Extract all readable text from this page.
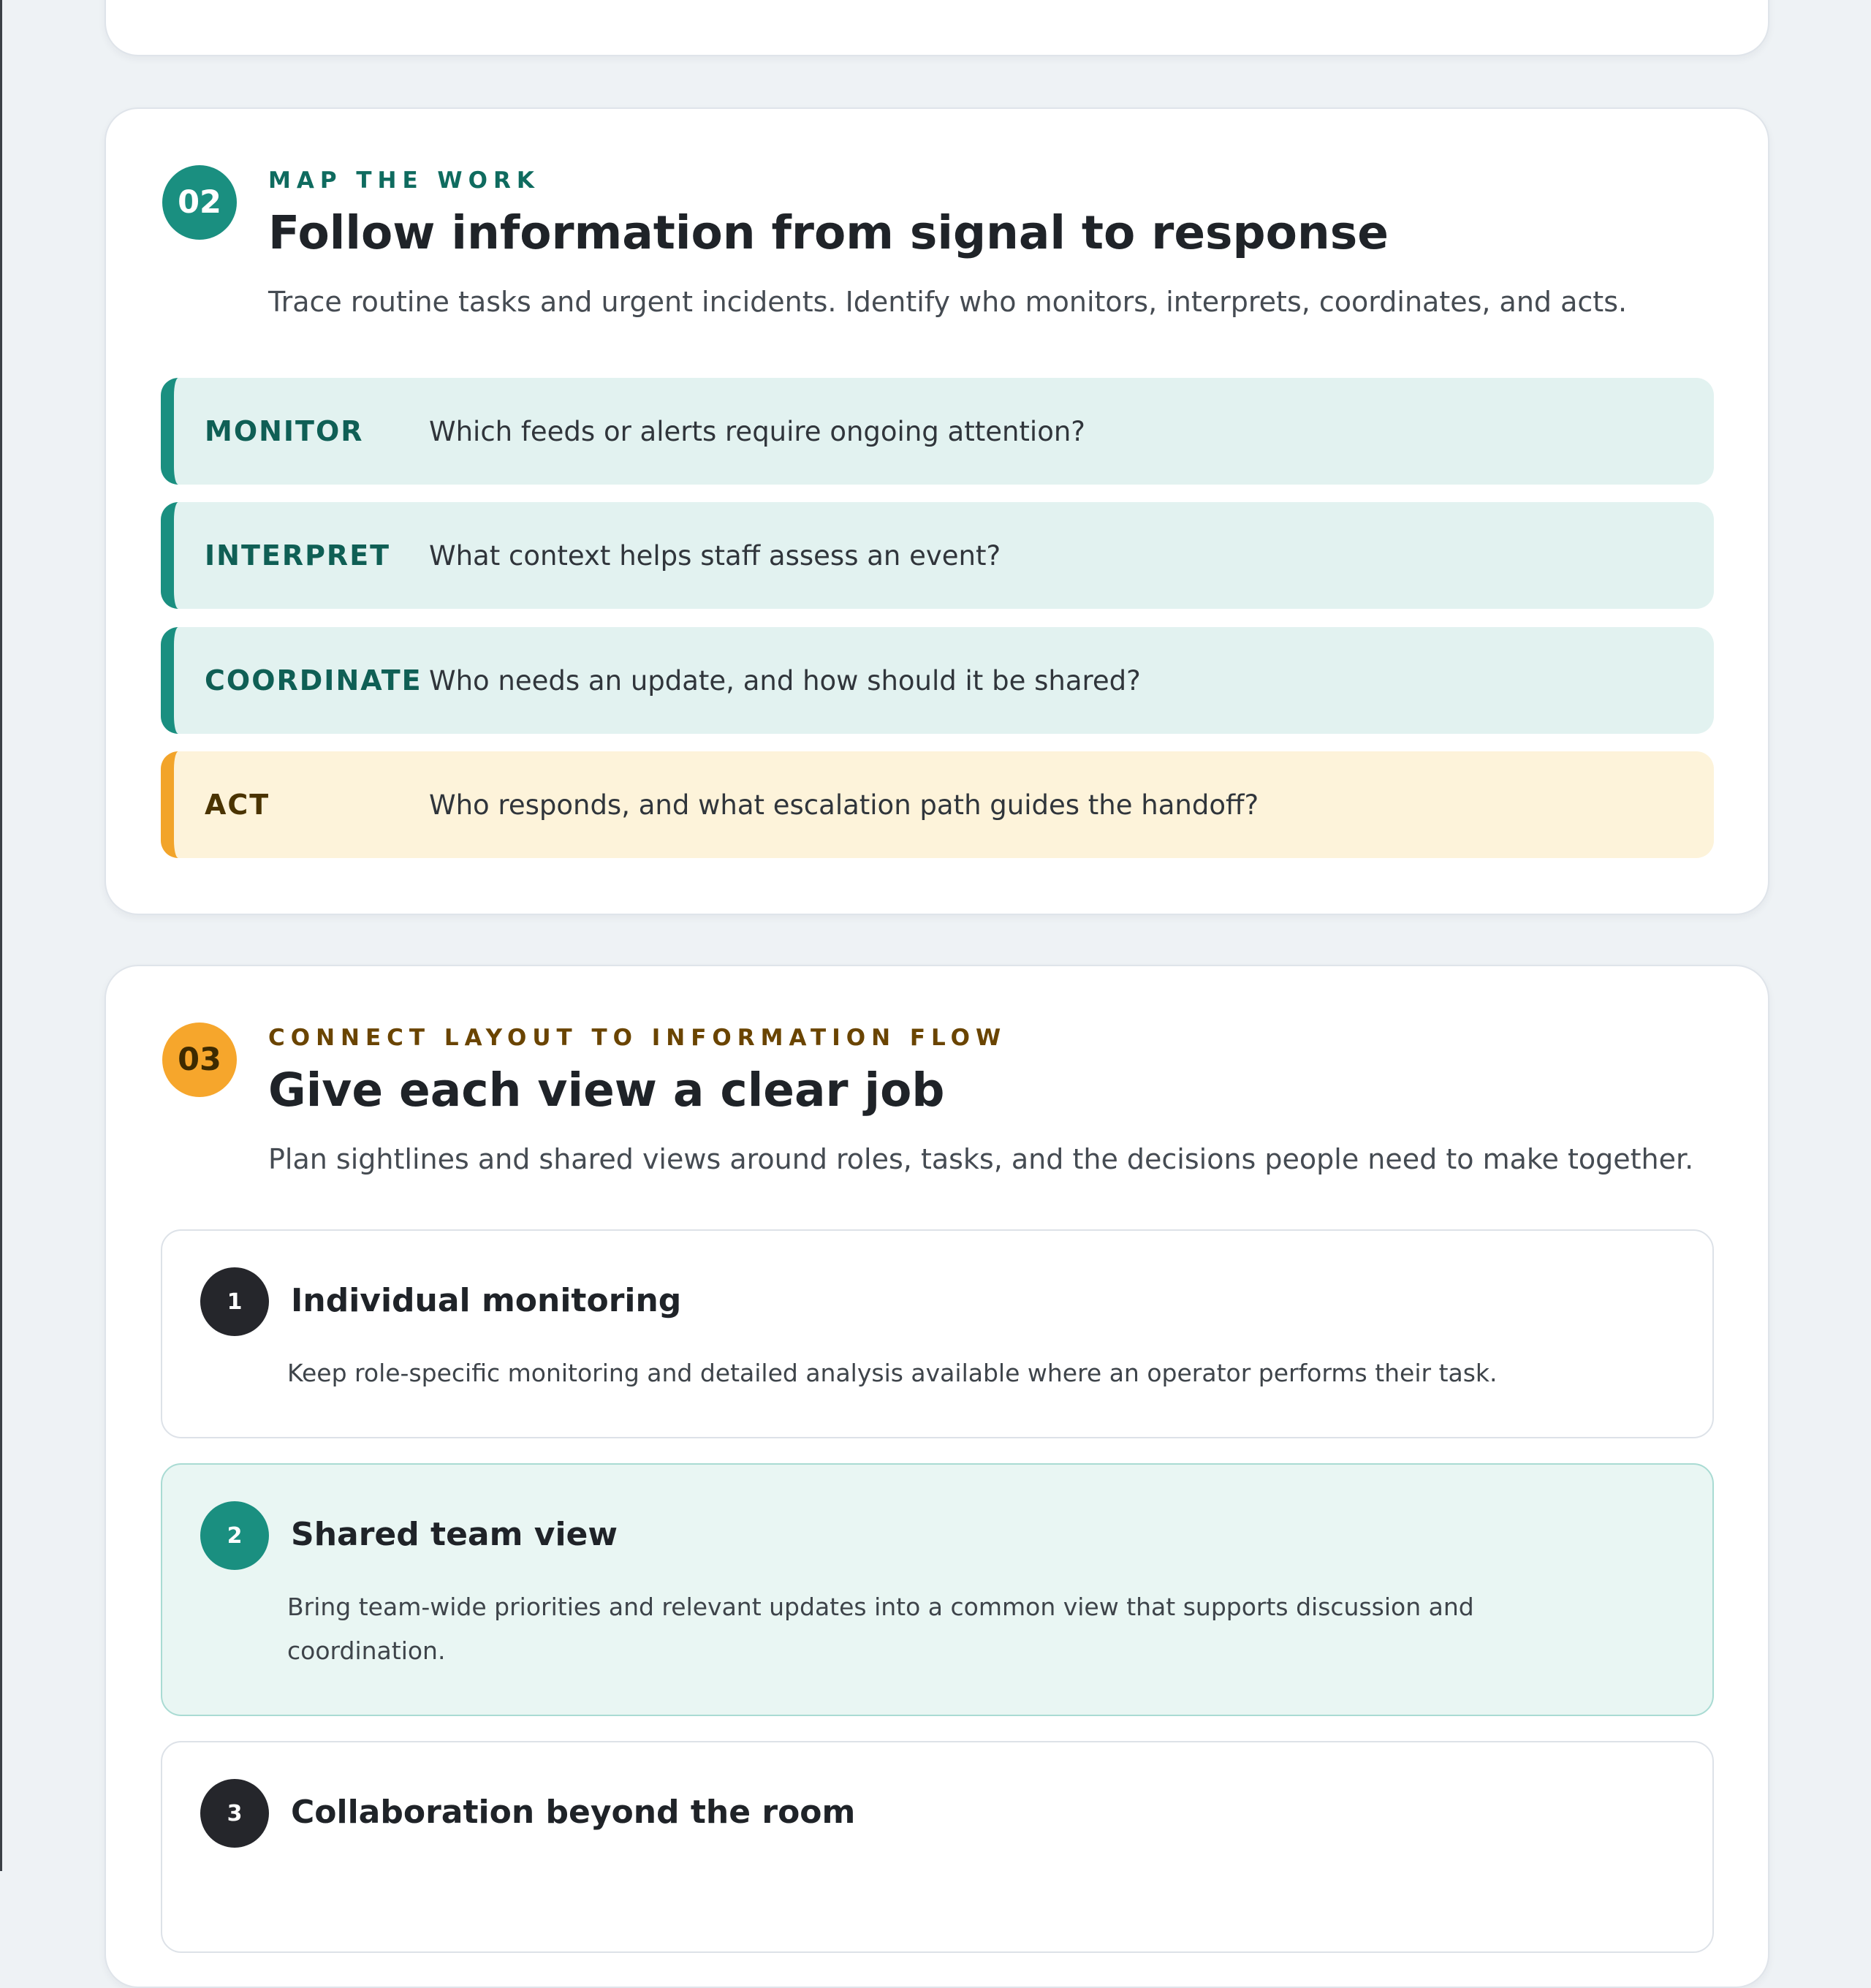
02
MAP THE WORK
Follow information from signal to response

Trace routine tasks and urgent incidents. Identify who monitors, interprets, coordinates, and acts.

MONITOR	Which feeds or alerts require ongoing attention?
INTERPRET	What context helps staff assess an event?
COORDINATE Who needs an update, and how should it be shared?
ACT	Who responds, and what escalation path guides the handoff?
03
CONNECT LAYOUT TO INFORMATION FLOW
Give each view a clear job

Plan sightlines and shared views around roles, tasks, and the decisions people need to make together.

1	Individual monitoring

Keep role-specific monitoring and detailed analysis available where an operator performs their task.

2	Shared team view

Bring team-wide priorities and relevant updates into a common view that supports discussion and coordination.

3	Collaboration beyond the room
